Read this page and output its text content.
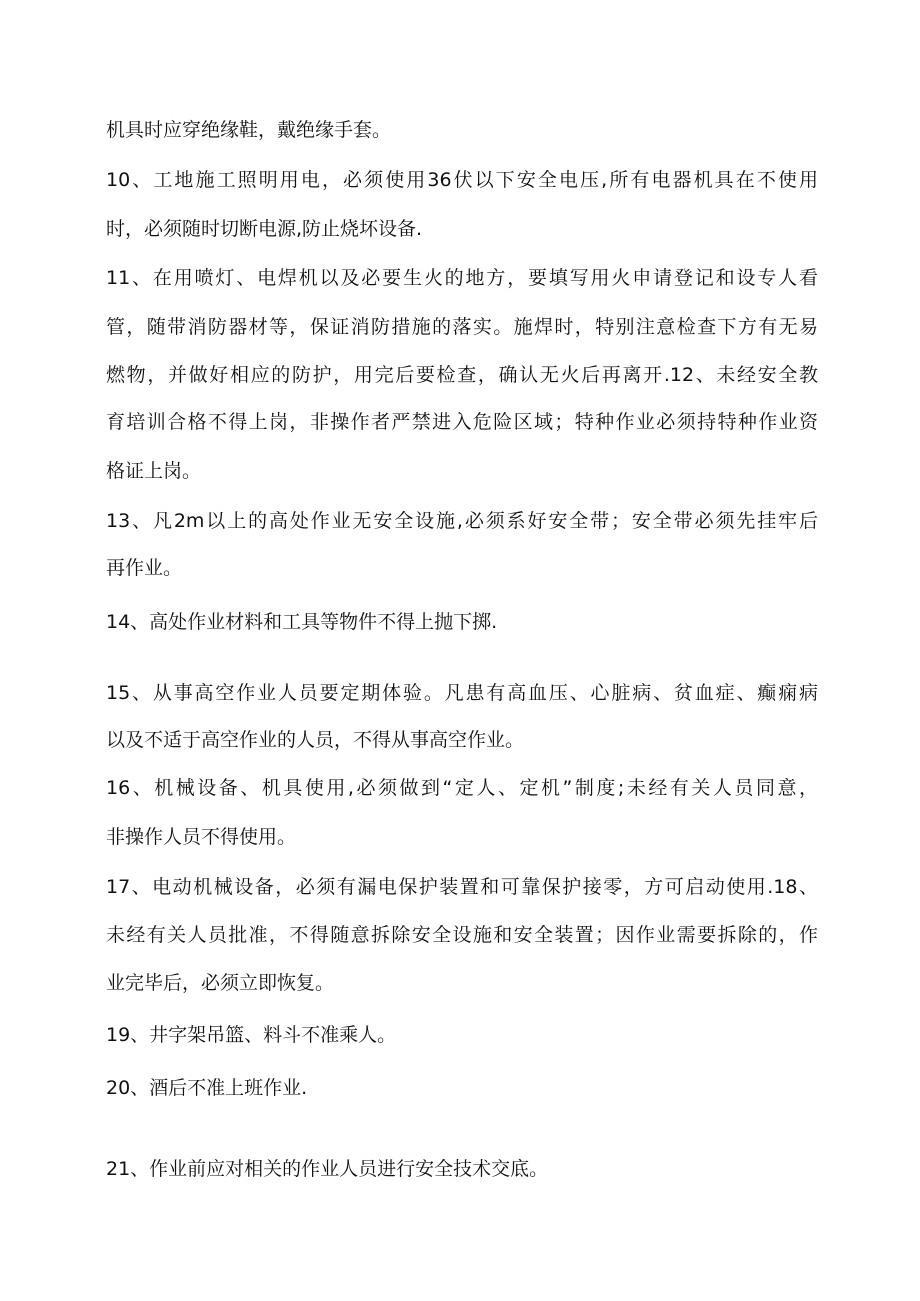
机具时应穿绝缘鞋，戴绝缘手套。
10、工地施工照明用电，必须使用36伏以下安全电压,所有电器机具在不使用
时，必须随时切断电源,防止烧坏设备.
11、在用喷灯、电焊机以及必要生火的地方，要填写用火申请登记和设专人看
管，随带消防器材等，保证消防措施的落实。施焊时，特别注意检查下方有无易
燃物，并做好相应的防护，用完后要检查，确认无火后再离开.12、未经安全教
育培训合格不得上岗，非操作者严禁进入危险区域；特种作业必须持特种作业资
格证上岗。
13、凡2m以上的高处作业无安全设施,必须系好安全带；安全带必须先挂牢后
再作业。
14、高处作业材料和工具等物件不得上抛下掷.
15、从事高空作业人员要定期体验。凡患有高血压、心脏病、贫血症、癫痫病
以及不适于高空作业的人员，不得从事高空作业。
16、机械设备、机具使用,必须做到“定人、定机”制度;未经有关人员同意，
非操作人员不得使用。
17、电动机械设备，必须有漏电保护装置和可靠保护接零，方可启动使用.18、
未经有关人员批准，不得随意拆除安全设施和安全装置；因作业需要拆除的，作
业完毕后，必须立即恢复。
19、井字架吊篮、料斗不准乘人。
20、酒后不准上班作业.
21、作业前应对相关的作业人员进行安全技术交底。
